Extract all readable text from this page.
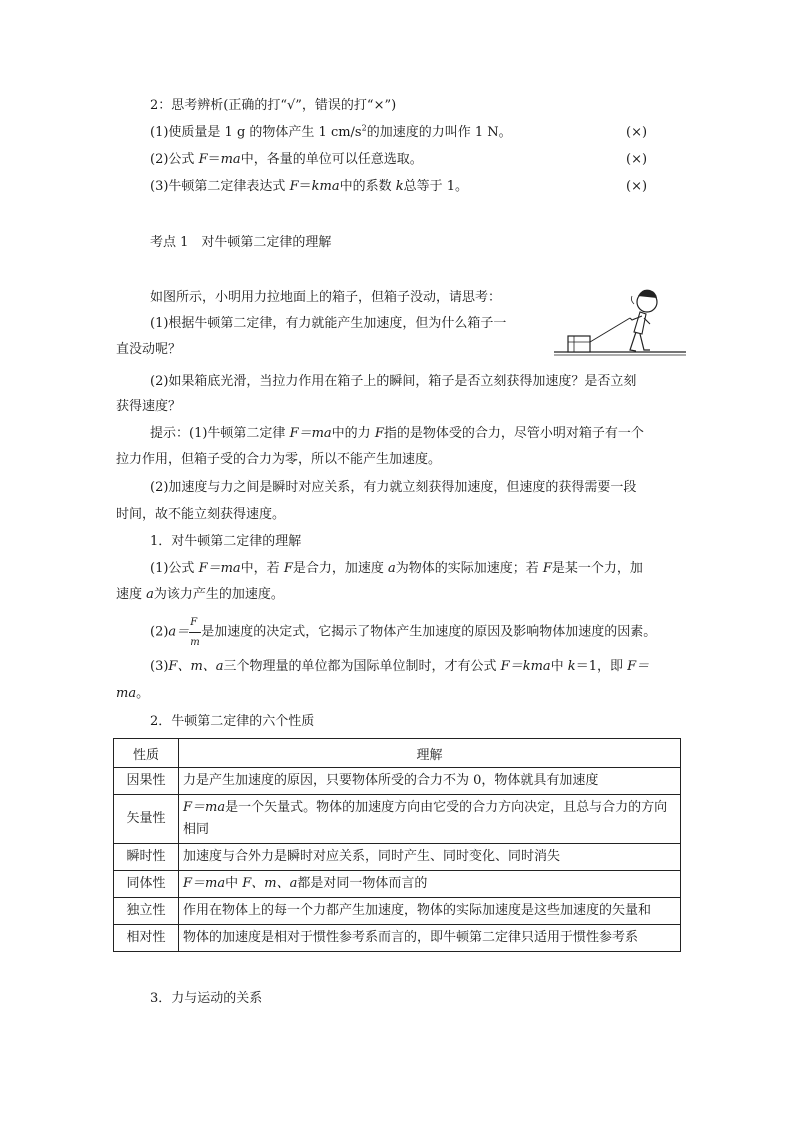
2：思考辨析(正确的打“√”，错误的打“×”)
(1)使质量是 1 g 的物体产生 1 $cm/s^2$的加速度的力叫作 1 N。	(×)
(2)公式 F＝ma中，各量的单位可以任意选取。	(×)
(3)牛顿第二定律表达式 F＝kma中的系数 k总等于 1。	(×)
考点 1　对牛顿第二定律的理解
如图所示，小明用力拉地面上的箱子，但箱子没动，请思考：
(1)根据牛顿第二定律，有力就能产生加速度，但为什么箱子一
直没动呢？
(2)如果箱底光滑，当拉力作用在箱子上的瞬间，箱子是否立刻获得加速度？是否立刻
获得速度？
提示：(1)牛顿第二定律 F＝ma中的力 F指的是物体受的合力，尽管小明对箱子有一个
拉力作用，但箱子受的合力为零，所以不能产生加速度。
(2)加速度与力之间是瞬时对应关系，有力就立刻获得加速度，但速度的获得需要一段
时间，故不能立刻获得速度。
1．对牛顿第二定律的理解
(1)公式 F＝ma中，若 F是合力，加速度 a为物体的实际加速度；若 F是某一个力，加
速度 a为该力产生的加速度。
$(2)a= \frac{F}{m}$ 是加速度的决定式，它揭示了物体产生加速度的原因及影响物体加速度的因素。
(3)F、m、a三个物理量的单位都为国际单位制时，才有公式 F＝kma中 k＝1，即 F＝
ma。
2．牛顿第二定律的六个性质
性质	理解
因果性	力是产生加速度的原因，只要物体所受的合力不为 0，物体就具有加速度
矢量性	F＝ma是一个矢量式。物体的加速度方向由它受的合力方向决定，且总与合力的方向相同
瞬时性	加速度与合外力是瞬时对应关系，同时产生、同时变化、同时消失
同体性	F＝ma中 F、m、a都是对同一物体而言的
独立性	作用在物体上的每一个力都产生加速度，物体的实际加速度是这些加速度的矢量和
相对性	物体的加速度是相对于惯性参考系而言的，即牛顿第二定律只适用于惯性参考系
3．力与运动的关系
